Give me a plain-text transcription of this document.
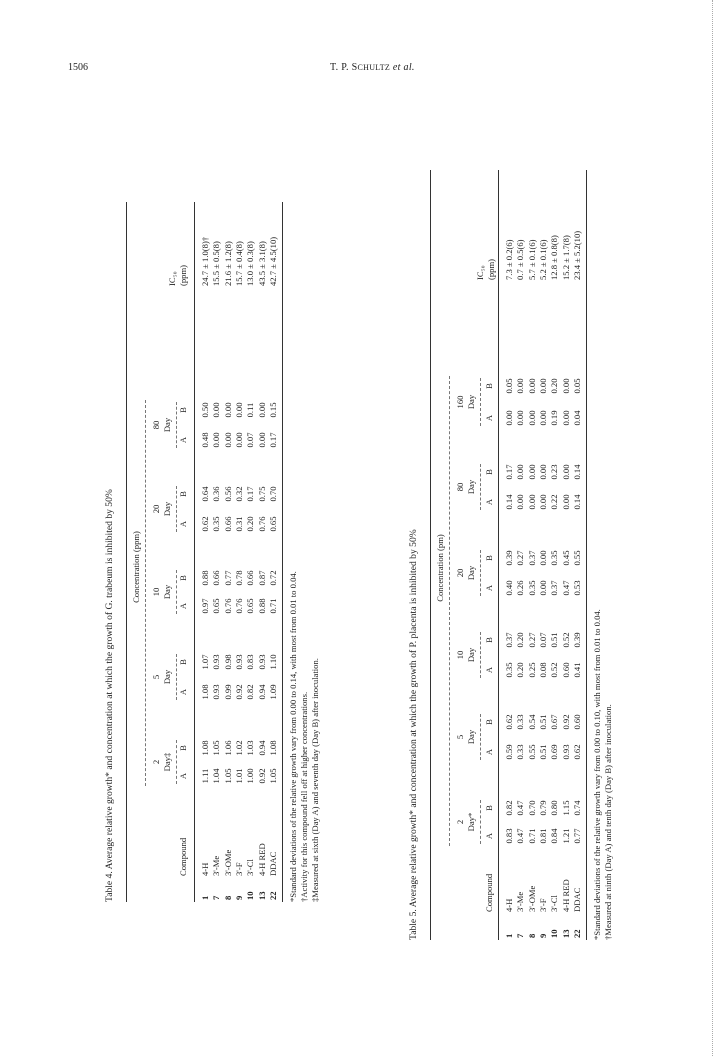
1506	T. P. SCHULTZ et al.
Table 4. Average relative growth* and concentration at which the growth of G. trabeum is inhibited by 50% Concentration (ppm)
2 Day‡
5 Day
10 Day
20 Day
80 Day
Compound
A
B
A
B
A
B
A
B
A
B
IC₅₀ (ppm)
1
4-H
1.11
1.08
1.08
1.07
0.97
0.88
0.62
0.64
0.48
0.50
24.7 ± 1.0(8)†
7
3'-Me
1.04
1.05
0.93
0.93
0.65
0.66
0.35
0.36
0.00
0.00
15.5 ± 0.5(8)
8
3'-OMe
1.05
1.06
0.99
0.98
0.76
0.77
0.66
0.56
0.00
0.00
21.6 ± 1.2(8)
9
3'-F
1.01
1.02
0.92
0.93
0.76
0.78
0.31
0.32
0.00
0.00
15.7 ± 0.4(8)
10
3'-Cl
1.00
1.03
0.82
0.83
0.65
0.66
0.20
0.17
0.07
0.11
13.0 ± 0.3(8)
13
4-H RED
0.92
0.94
0.94
0.93
0.88
0.87
0.76
0.75
0.00
0.00
43.5 ± 3.1(8)
22
DDAC
1.05
1.08
1.09
1.10
0.71
0.72
0.65
0.70
0.17
0.15
42.7 ± 4.5(10)
*Standard deviations of the relative growth vary from 0.00 to 0.14, with most from 0.01 to 0.04. †Activity for this compound fell off at higher concentrations. ‡Measured at sixth (Day A) and seventh day (Day B) after inoculation.	Table 5. Average relative growth* and concentration at which the growth of P. placenta is inhibited by 50% Concentration (pm)
2 Day*
5 Day
10 Day
20 Day
80 Day
160 Day
Compound
A
B
A
B
A
B
A
B
A
B
A
B
IC₅₀ (ppm)
1
4-H
0.83
0.82
0.59
0.62
0.35
0.37
0.40
0.39
0.14
0.17
0.00
0.05
7.3 ± 0.2(6)
7
3'-Me
0.47
0.47
0.33
0.33
0.20
0.20
0.26
0.27
0.00
0.00
0.00
0.00
0.7 ± 0.5(6)
8
3'-OMe
0.71
0.70
0.55
0.54
0.25
0.27
0.35
0.37
0.00
0.00
0.00
0.00
5.7 ± 0.1(6)
9
3'-F
0.81
0.79
0.51
0.51
0.08
0.07
0.00
0.00
0.00
0.00
0.00
0.00
5.2 ± 0.1(6)
10
3'-Cl
0.84
0.80
0.69
0.67
0.52
0.51
0.37
0.35
0.22
0.23
0.19
0.20
12.8 ± 0.8(8)
13
4-H RED
1.21
1.15
0.93
0.92
0.60
0.52
0.47
0.45
0.00
0.00
0.00
0.00
15.2 ± 1.7(8)
22
DDAC
0.77
0.74
0.62
0.60
0.41
0.39
0.53
0.55
0.14
0.14
0.04
0.05
23.4 ± 5.2(10)
*Standard deviations of the relative growth vary from 0.00 to 0.10, with most from 0.01 to 0.04. †Measured at ninth (Day A) and tenth day (Day B) after inoculation.
